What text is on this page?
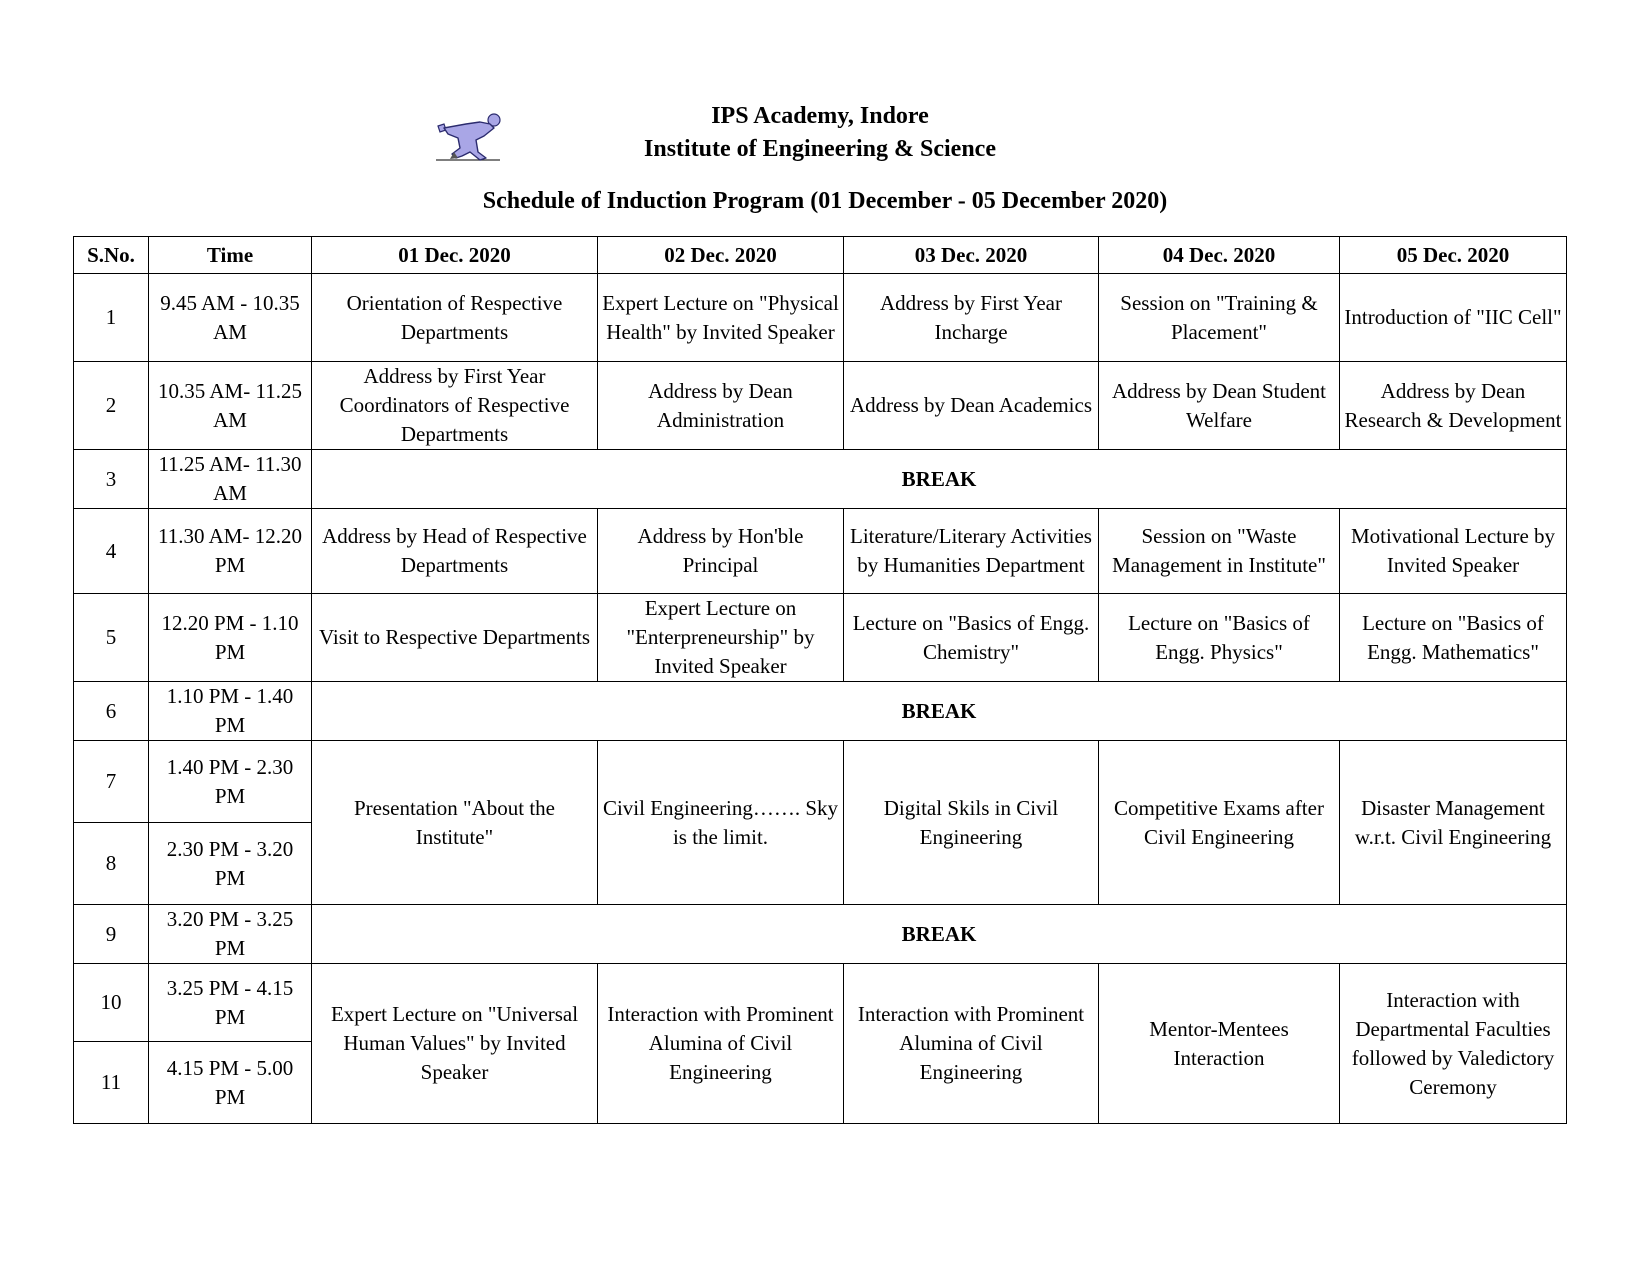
IPS Academy, Indore
Institute of Engineering & Science
Schedule of Induction Program (01 December - 05 December 2020)
S.No.	Time	01 Dec. 2020	02 Dec. 2020	03 Dec. 2020	04 Dec. 2020	05 Dec. 2020
1	9.45 AM - 10.35 AM	Orientation of Respective Departments	Expert Lecture on "Physical Health" by Invited Speaker	Address by First Year Incharge	Session on "Training & Placement"	Introduction of "IIC Cell"
2	10.35 AM- 11.25 AM	Address by First Year Coordinators of Respective Departments	Address by Dean Administration	Address by Dean Academics	Address by Dean Student Welfare	Address by Dean Research & Development
3	11.25 AM- 11.30 AM	BREAK				
4	11.30 AM- 12.20 PM	Address by Head of Respective Departments	Address by Hon'ble Principal	Literature/Literary Activities by Humanities Department	Session on "Waste Management in Institute"	Motivational Lecture by Invited Speaker
5	12.20 PM - 1.10 PM	Visit to Respective Departments	Expert Lecture on "Enterpreneurship" by Invited Speaker	Lecture on "Basics of Engg. Chemistry"	Lecture on "Basics of Engg. Physics"	Lecture on "Basics of Engg. Mathematics"
6	1.10 PM - 1.40 PM	BREAK				
7	1.40 PM - 2.30 PM	Presentation "About the Institute"	Civil Engineering……. Sky is the limit.	Digital Skils in Civil Engineering	Competitive Exams after Civil Engineering	Disaster Management w.r.t. Civil Engineering
8	2.30 PM - 3.20 PM					
9	3.20 PM - 3.25 PM	BREAK				
10	3.25 PM - 4.15 PM	Expert Lecture on "Universal Human Values" by Invited Speaker	Interaction with Prominent Alumina of Civil Engineering	Interaction with Prominent Alumina of Civil Engineering	Mentor-Mentees Interaction	Interaction with Departmental Faculties followed by Valedictory Ceremony
11	4.15 PM - 5.00 PM					
